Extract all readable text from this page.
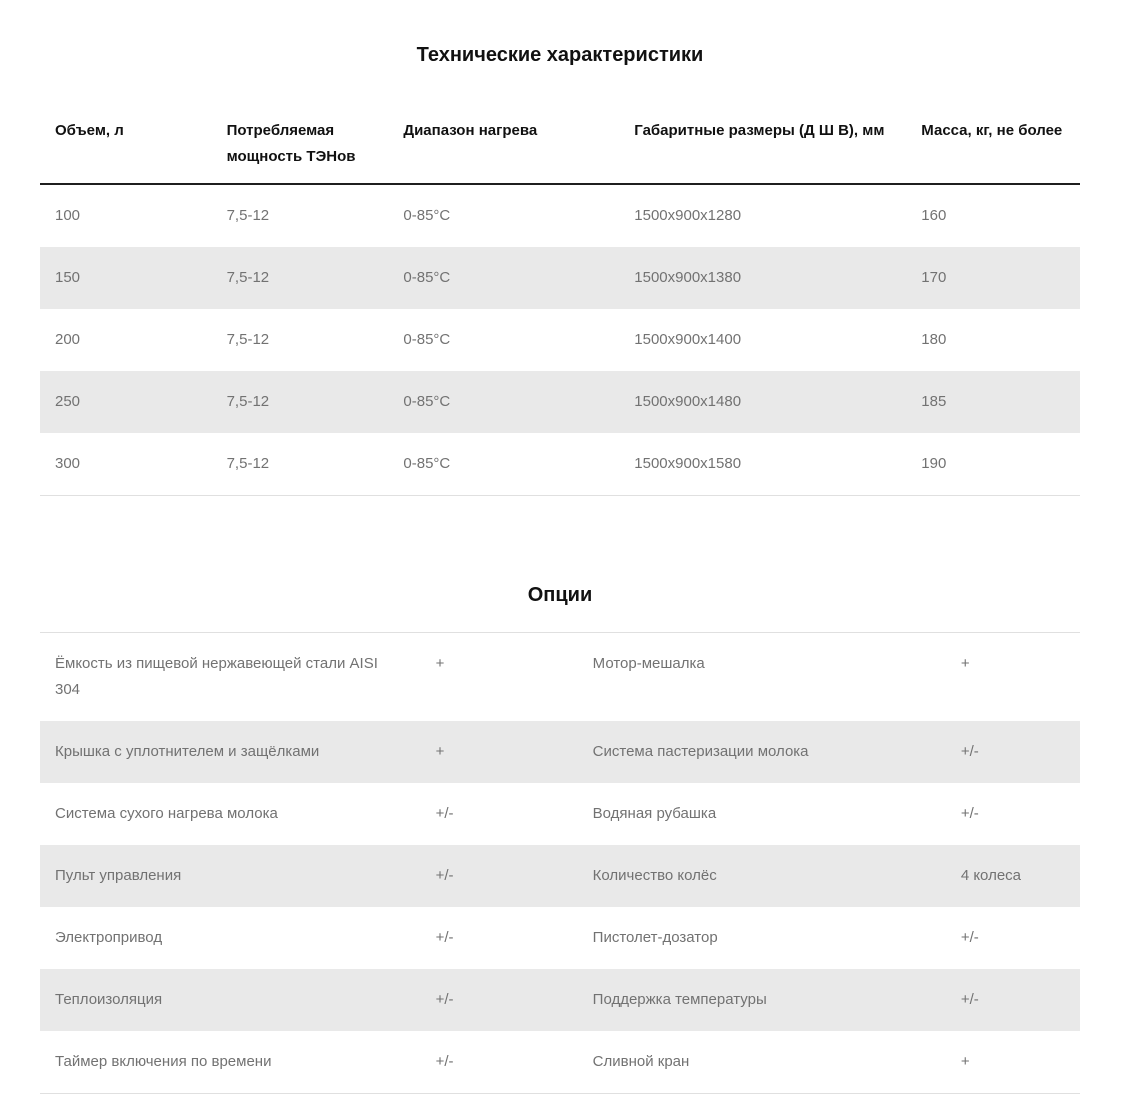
Технические характеристики
Объем, л	Потребляемая мощность ТЭНов	Диапазон нагрева	Габаритные размеры (Д Ш В), мм	Масса, кг, не более
100	7,5-12	0-85°C	1500х900х1280	160
150	7,5-12	0-85°C	1500х900х1380	170
200	7,5-12	0-85°C	1500х900х1400	180
250	7,5-12	0-85°C	1500х900х1480	185
300	7,5-12	0-85°C	1500х900х1580	190
Опции
Ёмкость из пищевой нержавеющей стали AISI 304	+	Мотор-мешалка	+
Крышка с уплотнителем и защёлками	+	Система пастеризации молока	+/-
Система сухого нагрева молока	+/-	Водяная рубашка	+/-
Пульт управления	+/-	Количество колёс	4 колеса
Электропривод	+/-	Пистолет-дозатор	+/-
Теплоизоляция	+/-	Поддержка температуры	+/-
Таймер включения по времени	+/-	Сливной кран	+
